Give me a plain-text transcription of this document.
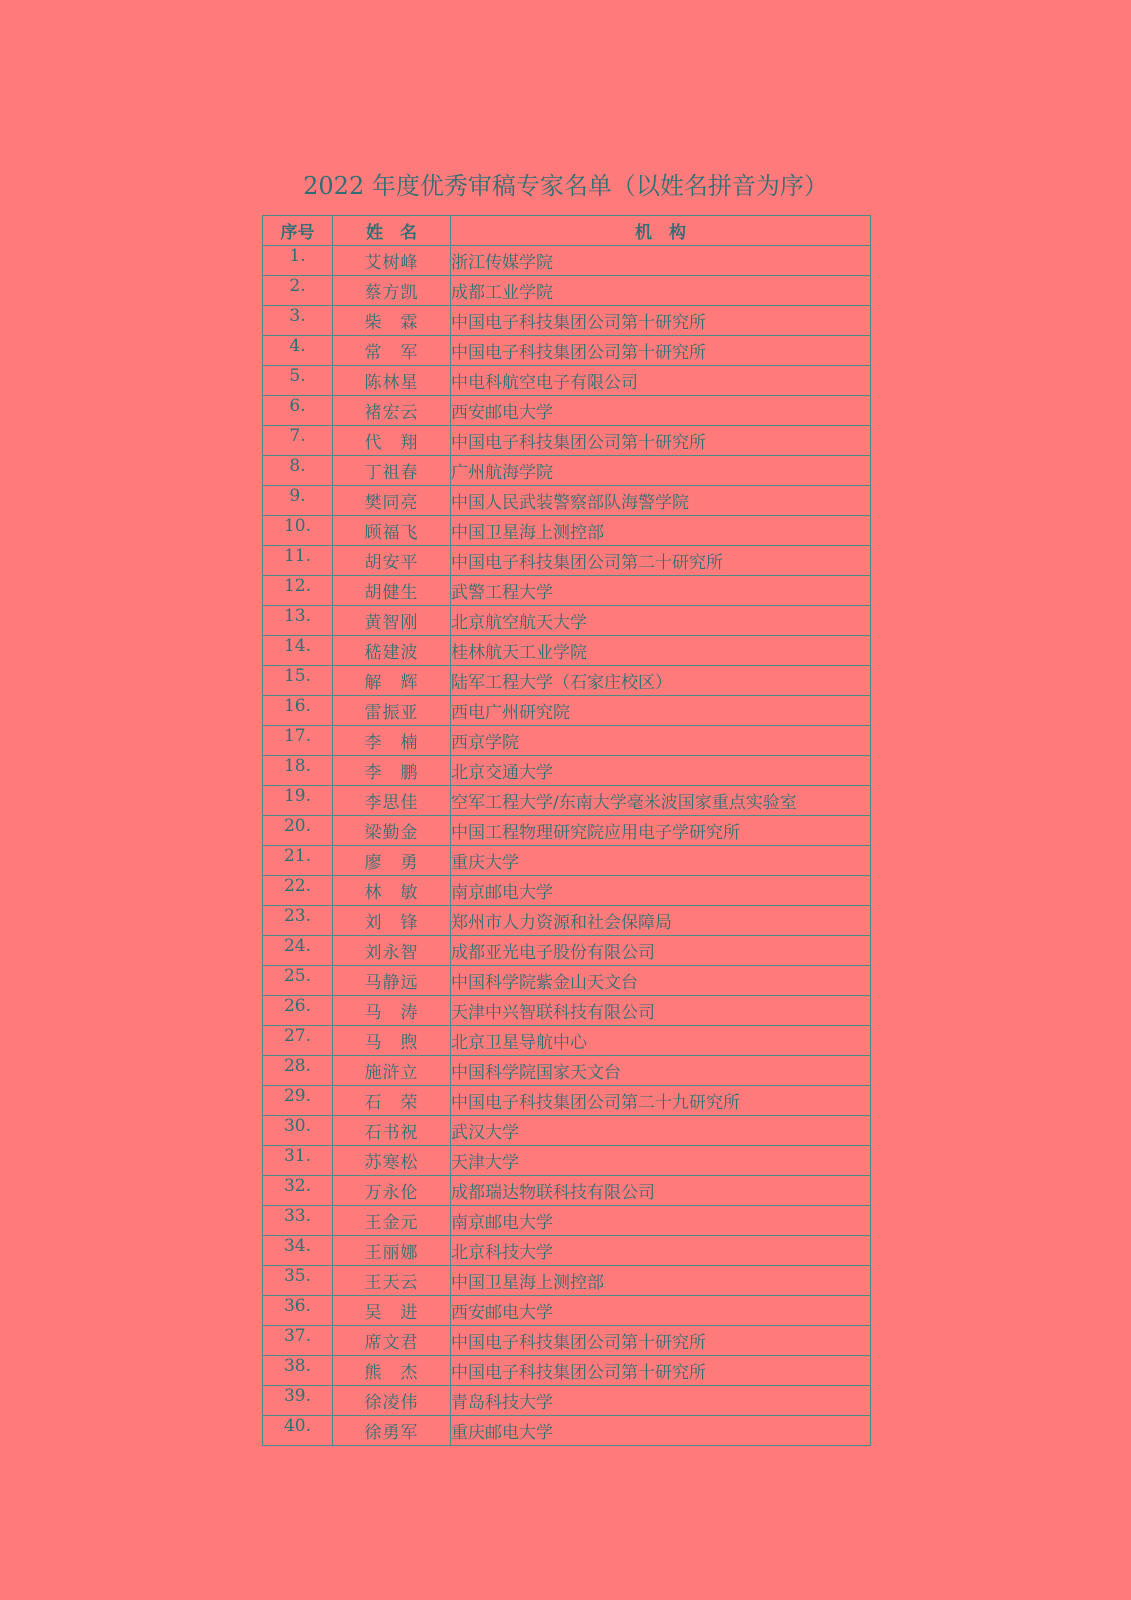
2022 年度优秀审稿专家名单（以姓名拼音为序）
序号	姓　名	机　构
1.	艾树峰	浙江传媒学院
2.	蔡方凯	成都工业学院
3.	柴　霖	中国电子科技集团公司第十研究所
4.	常　军	中国电子科技集团公司第十研究所
5.	陈林星	中电科航空电子有限公司
6.	褚宏云	西安邮电大学
7.	代　翔	中国电子科技集团公司第十研究所
8.	丁祖春	广州航海学院
9.	樊同亮	中国人民武装警察部队海警学院
10.	顾福飞	中国卫星海上测控部
11.	胡安平	中国电子科技集团公司第二十研究所
12.	胡健生	武警工程大学
13.	黄智刚	北京航空航天大学
14.	嵇建波	桂林航天工业学院
15.	解　辉	陆军工程大学（石家庄校区）
16.	雷振亚	西电广州研究院
17.	李　楠	西京学院
18.	李　鹏	北京交通大学
19.	李思佳	空军工程大学/东南大学毫米波国家重点实验室
20.	梁勤金	中国工程物理研究院应用电子学研究所
21.	廖　勇	重庆大学
22.	林　敏	南京邮电大学
23.	刘　锋	郑州市人力资源和社会保障局
24.	刘永智	成都亚光电子股份有限公司
25.	马静远	中国科学院紫金山天文台
26.	马　涛	天津中兴智联科技有限公司
27.	马　煦	北京卫星导航中心
28.	施浒立	中国科学院国家天文台
29.	石　荣	中国电子科技集团公司第二十九研究所
30.	石书祝	武汉大学
31.	苏寒松	天津大学
32.	万永伦	成都瑞达物联科技有限公司
33.	王金元	南京邮电大学
34.	王丽娜	北京科技大学
35.	王天云	中国卫星海上测控部
36.	吴　进	西安邮电大学
37.	席文君	中国电子科技集团公司第十研究所
38.	熊　杰	中国电子科技集团公司第十研究所
39.	徐凌伟	青岛科技大学
40.	徐勇军	重庆邮电大学
